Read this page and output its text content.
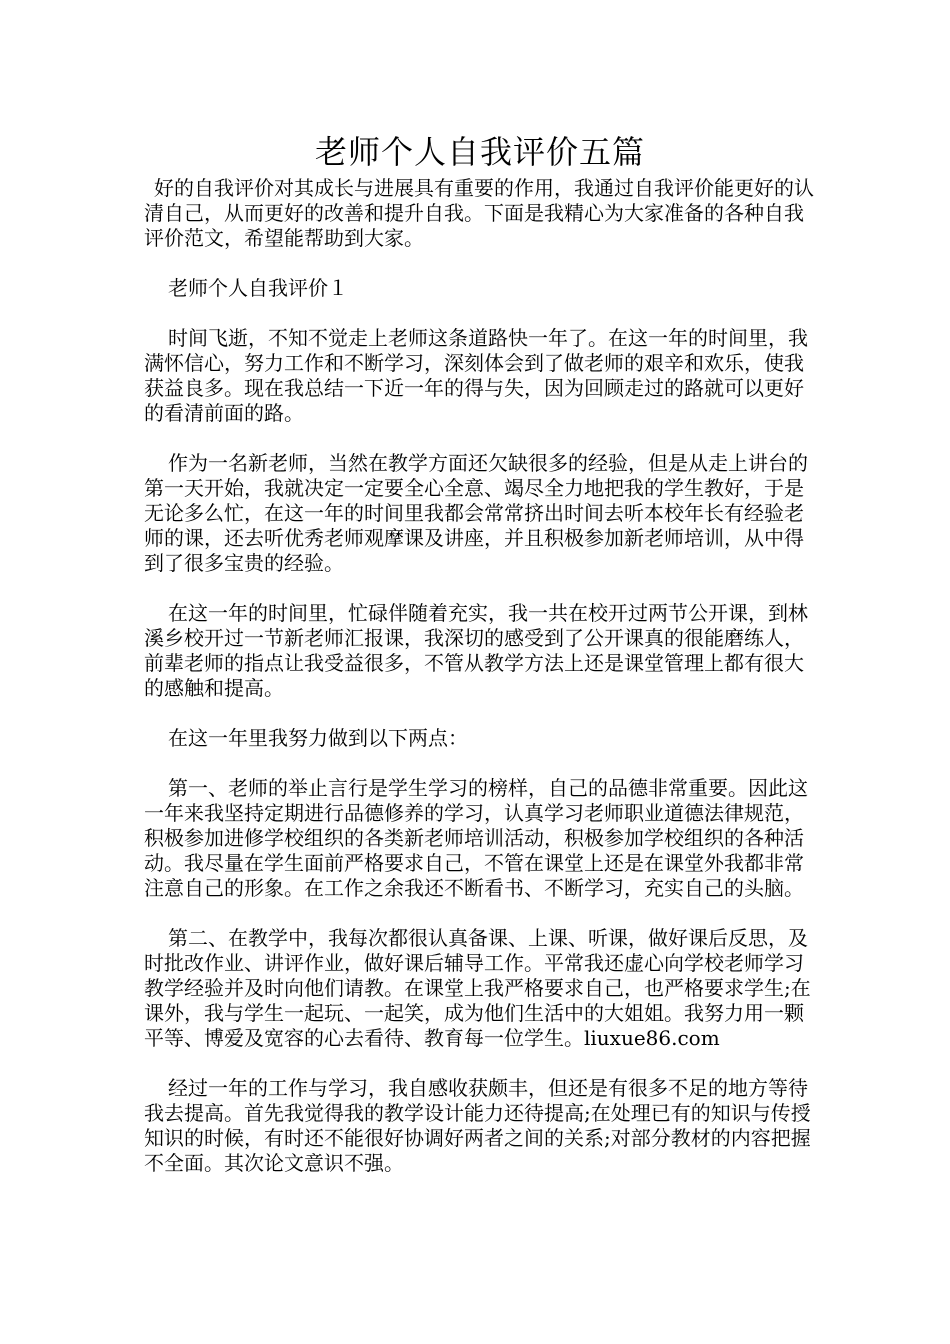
老师个人自我评价五篇

好的自我评价对其成长与进展具有重要的作用，我通过自我评价能更好的认清自己，从而更好的改善和提升自我。下面是我精心为大家准备的各种自我评价范文，希望能帮助到大家。

老师个人自我评价１

时间飞逝，不知不觉走上老师这条道路快一年了。在这一年的时间里，我满怀信心，努力工作和不断学习，深刻体会到了做老师的艰辛和欢乐，使我获益良多。现在我总结一下近一年的得与失，因为回顾走过的路就可以更好的看清前面的路。

作为一名新老师，当然在教学方面还欠缺很多的经验，但是从走上讲台的第一天开始，我就决定一定要全心全意、竭尽全力地把我的学生教好，于是无论多么忙，在这一年的时间里我都会常常挤出时间去听本校年长有经验老师的课，还去听优秀老师观摩课及讲座，并且积极参加新老师培训，从中得到了很多宝贵的经验。

在这一年的时间里，忙碌伴随着充实，我一共在校开过两节公开课，到林溪乡校开过一节新老师汇报课，我深切的感受到了公开课真的很能磨练人，前辈老师的指点让我受益很多，不管从教学方法上还是课堂管理上都有很大的感触和提高。

在这一年里我努力做到以下两点：

第一、老师的举止言行是学生学习的榜样，自己的品德非常重要。因此这一年来我坚持定期进行品德修养的学习，认真学习老师职业道德法律规范，积极参加进修学校组织的各类新老师培训活动，积极参加学校组织的各种活动。我尽量在学生面前严格要求自己，不管在课堂上还是在课堂外我都非常注意自己的形象。在工作之余我还不断看书、不断学习，充实自己的头脑。

第二、在教学中，我每次都很认真备课、上课、听课，做好课后反思，及时批改作业、讲评作业，做好课后辅导工作。平常我还虚心向学校老师学习教学经验并及时向他们请教。在课堂上我严格要求自己，也严格要求学生;在课外，我与学生一起玩、一起笑，成为他们生活中的大姐姐。我努力用一颗平等、博爱及宽容的心去看待、教育每一位学生。liuxue86.com

经过一年的工作与学习，我自感收获颇丰，但还是有很多不足的地方等待我去提高。首先我觉得我的教学设计能力还待提高;在处理已有的知识与传授知识的时候，有时还不能很好协调好两者之间的关系;对部分教材的内容把握不全面。其次论文意识不强。
